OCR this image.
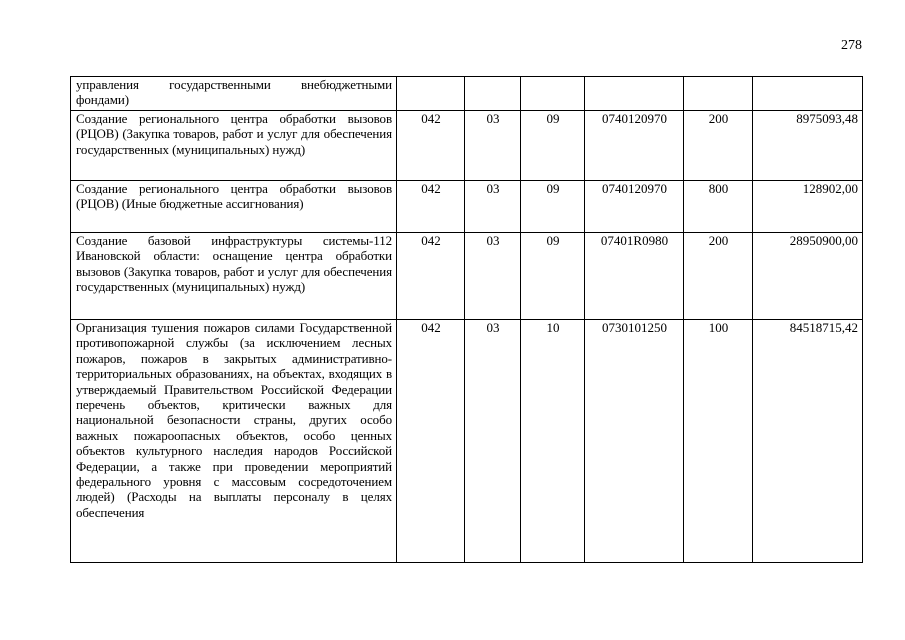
278
управления государственными внебюджетными фондами)						
Создание регионального центра обработки вызовов (РЦОВ) (Закупка товаров, работ и услуг для обеспечения государственных (муниципальных) нужд)	042	03	09	0740120970	200	8975093,48
Создание регионального центра обработки вызовов (РЦОВ) (Иные бюджетные ассигнования)	042	03	09	0740120970	800	128902,00
Создание базовой инфраструктуры системы-112 Ивановской области: оснащение центра обработки вызовов (Закупка товаров, работ и услуг для обеспечения государственных (муниципальных) нужд)	042	03	09	07401R0980	200	28950900,00
Организация тушения пожаров силами Государственной противопожарной службы (за исключением лесных пожаров, пожаров в закрытых административно-территориальных образованиях, на объектах, входящих в утверждаемый Правительством Российской Федерации перечень объектов, критически важных для национальной безопасности страны, других особо важных пожароопасных объектов, особо ценных объектов культурного наследия народов Российской Федерации, а также при проведении мероприятий федерального уровня с массовым сосредоточением людей) (Расходы на выплаты персоналу в целях обеспечения	042	03	10	0730101250	100	84518715,42
